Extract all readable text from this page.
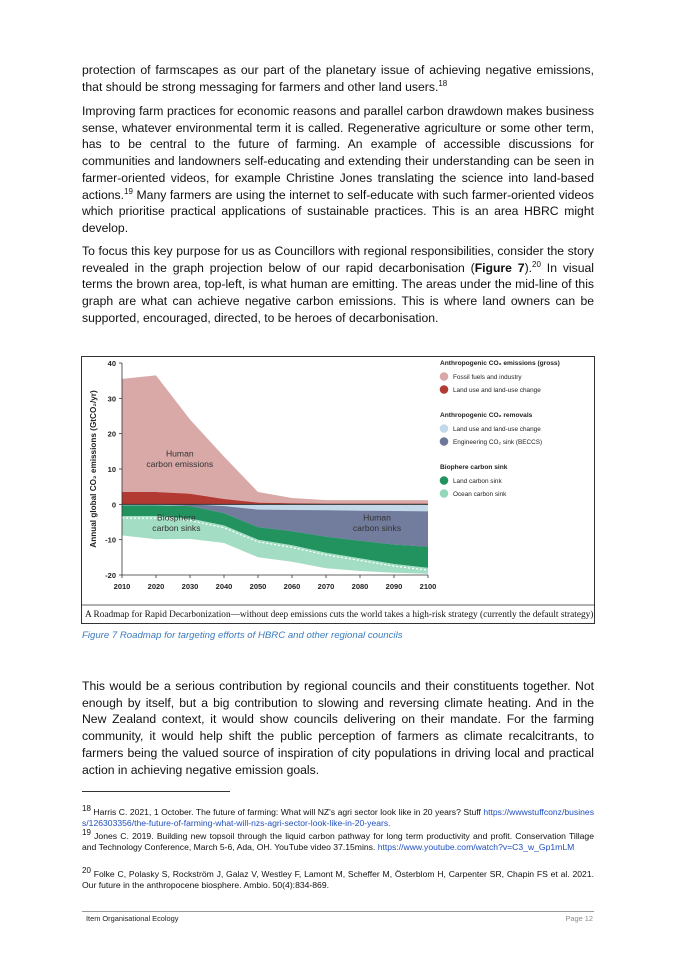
protection of farmscapes as our part of the planetary issue of achieving negative emissions, that should be strong messaging for farmers and other land users.$^{18}$

Improving farm practices for economic reasons and parallel carbon drawdown makes business sense, whatever environmental term it is called. Regenerative agriculture or some other term, has to be central to the future of farming. An example of accessible discussions for communities and landowners self-educating and extending their understanding can be seen in farmer-oriented videos, for example Christine Jones translating the science into land-based actions.$^{19}$ Many farmers are using the internet to self-educate with such farmer-oriented videos which prioritise practical applications of sustainable practices. This is an area HBRC might develop.

To focus this key purpose for us as Councillors with regional responsibilities, consider the story revealed in the graph projection below of our rapid decarbonisation (Figure 7).$^{20}$ In visual terms the brown area, top-left, is what human are emitting. The areas under the mid-line of this graph are what can achieve negative carbon emissions. This is where land owners can be supported, encouraged, directed, to be heroes of decarbonisation.

40
30
20
10
0
-10
-20
2010 2020 2030 2040 2050 2060 2070 2080 2090 2100
Annual global CO₂ emissions (GtCO₂/yr)	Human carbon emissions
Biosphere carbon sinks
Human carbon sinks
Anthropogenic CO₂ emissions (gross)
Fossil fuels and industry
Land use and land-use change
Anthropogenic CO₂ removals
Land use and land-use change
Engineering CO₂ sink (BECCS)
Biophere carbon sink
Land carbon sink
Ocean carbon sink
A Roadmap for Rapid Decarbonization—without deep emissions cuts the world takes a high-risk strategy (currently the default strategy)
Figure 7 Roadmap for targeting efforts of HBRC and other regional councils

This would be a serious contribution by regional councils and their constituents together. Not enough by itself, but a big contribution to slowing and reversing climate heating. And in the New Zealand context, it would show councils delivering on their mandate. For the farming community, it would help shift the public perception of farmers as climate recalcitrants, to farmers being the valued source of inspiration of city populations in driving local and practical action in achieving negative emission goals.

$^{18}$ Harris C. 2021, 1 October. The future of farming: What will NZ's agri sector look like in 20 years? Stuff https://wwwstuffconz/business/126303356/the-future-of-farming-what-will-nzs-agri-sector-look-like-in-20-years.

$^{19}$ Jones C. 2019. Building new topsoil through the liquid carbon pathway for long term productivity and profit. Conservation Tillage and Technology Conference, March 5-6, Ada, OH. YouTube video 37.15mins. https://www.youtube.com/watch?v=C3_w_Gp1mLM

$^{20}$ Folke C, Polasky S, Rockström J, Galaz V, Westley F, Lamont M, Scheffer M, Österblom H, Carpenter SR, Chapin FS et al. 2021. Our future in the anthropocene biosphere. Ambio. 50(4):834-869.

Item Organisational Ecology	Page 12
